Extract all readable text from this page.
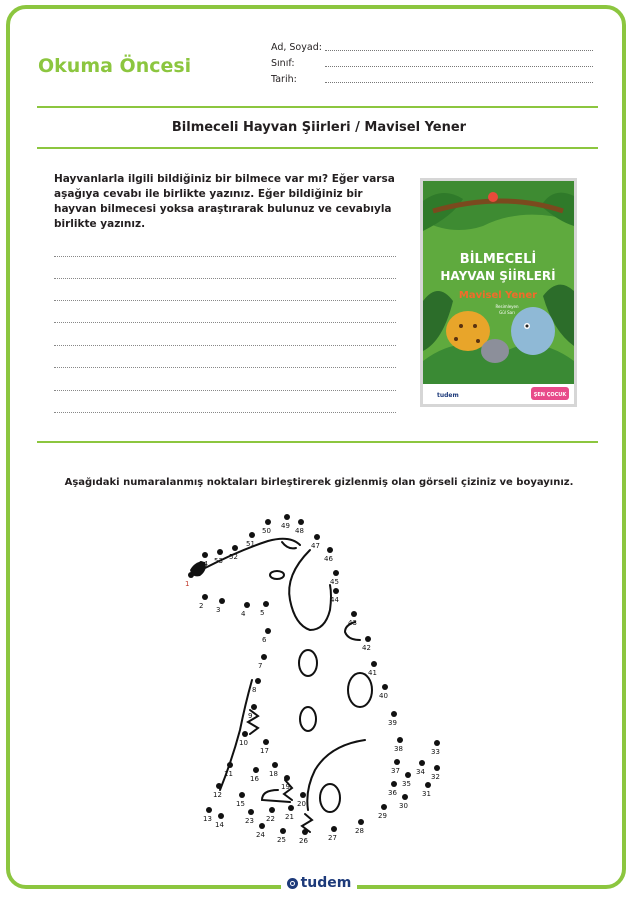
Okuma Öncesi
Ad, Soyad:
Sınıf:
Tarih:
Bilmeceli Hayvan Şiirleri / Mavisel Yener
Hayvanlarla ilgili bildiğiniz bir bilmece var mı? Eğer varsa aşağıya cevabı ile birlikte yazınız. Eğer bildiğiniz bir hayvan bilmecesi yoksa araştırarak bulunuz ve cevabıyla birlikte yazınız.
BİLMECELİ
HAYVAN ŞİİRLERİ
Mavisel Yener
Resimleyen
Gül Sarı
tudem	ŞEN ÇOCUK
Aşağıdaki numaralanmış noktaları birleştirerek gizlenmiş olan görseli çiziniz ve boyayınız.
1
2 3	4 5
6
7
8
9
10
11
12
13
14
15
16
17
18
19
20
21
22
23
24
25 26	27
28
29
30
31
32
33
34
35
36
37
38
39
40
41
42
43
44
45
46
47
48
49
50
51
52
53
54
tudem
